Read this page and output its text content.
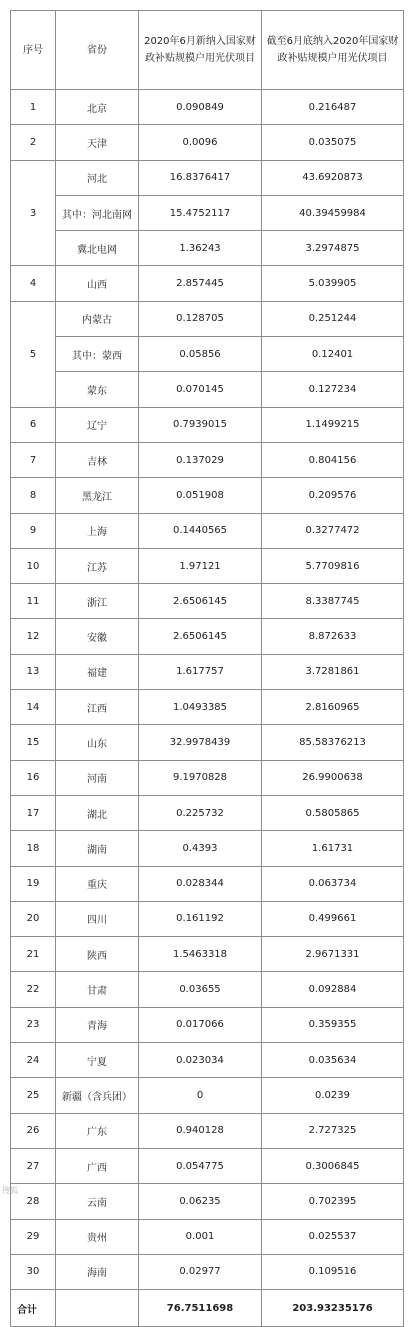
序号	省份	2020年6月新纳入国家财政补贴规模户用光伏项目	截至6月底纳入2020年国家财政补贴规模户用光伏项目
1	北京	0.090849	0.216487
2	天津	0.0096	0.035075
3	河北	16.8376417	43.6920873
	其中：河北南网	15.4752117	40.39459984
	冀北电网	1.36243	3.2974875
4	山西	2.857445	5.039905
5	内蒙古	0.128705	0.251244
	其中：蒙西	0.05856	0.12401
	蒙东	0.070145	0.127234
6	辽宁	0.7939015	1.1499215
7	吉林	0.137029	0.804156
8	黑龙江	0.051908	0.209576
9	上海	0.1440565	0.3277472
10	江苏	1.97121	5.7709816
11	浙江	2.6506145	8.3387745
12	安徽	2.6506145	8.872633
13	福建	1.617757	3.7281861
14	江西	1.0493385	2.8160965
15	山东	32.9978439	85.58376213
16	河南	9.1970828	26.9900638
17	湖北	0.225732	0.5805865
18	湖南	0.4393	1.61731
19	重庆	0.028344	0.063734
20	四川	0.161192	0.499661
21	陕西	1.5463318	2.9671331
22	甘肃	0.03655	0.092884
23	青海	0.017066	0.359355
24	宁夏	0.023034	0.035634
25	新疆（含兵团）	0	0.0239
26	广东	0.940128	2.727325
27	广西	0.054775	0.3006845
28	云南	0.06235	0.702395
29	贵州	0.001	0.025537
30	海南	0.02977	0.109516
合计		76.7511698	203.93235176
搜狐
